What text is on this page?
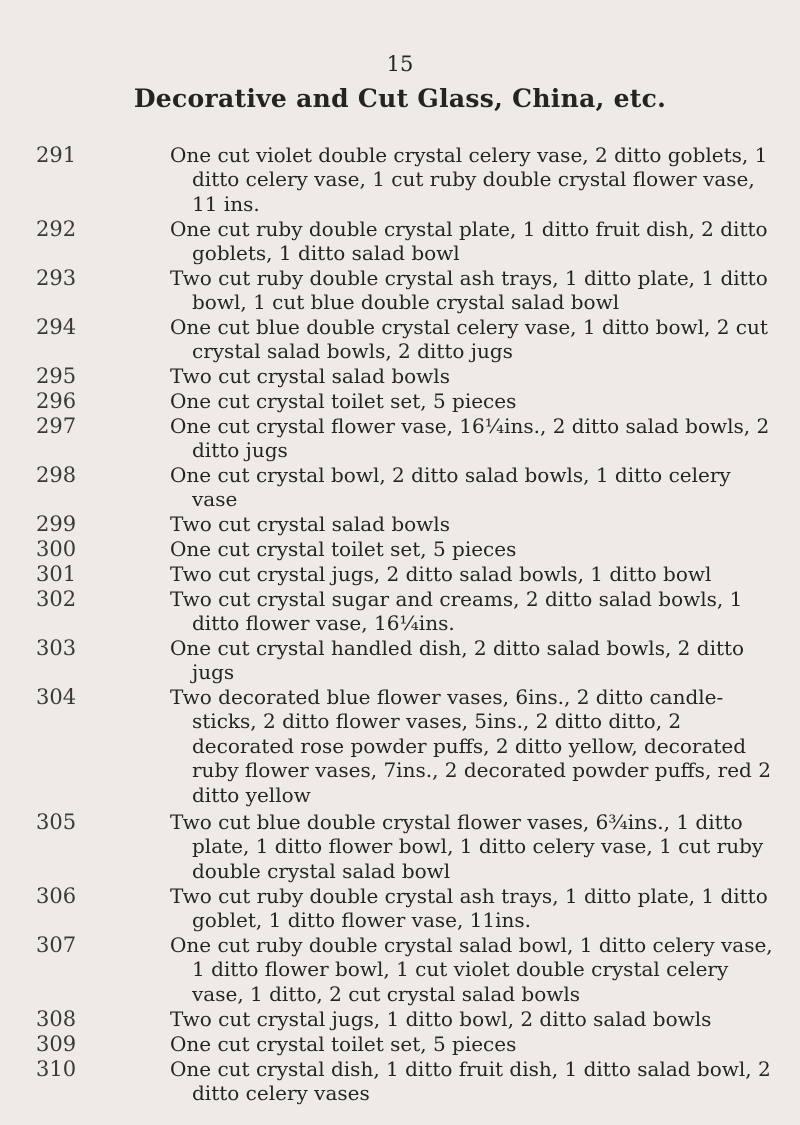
15
Decorative and Cut Glass, China, etc.
291	One cut violet double crystal celery vase, 2 ditto goblets, 1 ditto celery vase, 1 cut ruby double crystal flower vase, 11 ins.
292	One cut ruby double crystal plate, 1 ditto fruit dish, 2 ditto goblets, 1 ditto salad bowl
293	Two cut ruby double crystal ash trays, 1 ditto plate, 1 ditto bowl, 1 cut blue double crystal salad bowl
294	One cut blue double crystal celery vase, 1 ditto bowl, 2 cut crystal salad bowls, 2 ditto jugs
295	Two cut crystal salad bowls
296	One cut crystal toilet set, 5 pieces
297	One cut crystal flower vase, 16¼ins., 2 ditto salad bowls, 2 ditto jugs
298	One cut crystal bowl, 2 ditto salad bowls, 1 ditto celery vase
299	Two cut crystal salad bowls
300	One cut crystal toilet set, 5 pieces
301	Two cut crystal jugs, 2 ditto salad bowls, 1 ditto bowl
302	Two cut crystal sugar and creams, 2 ditto salad bowls, 1 ditto flower vase, 16¼ins.
303	One cut crystal handled dish, 2 ditto salad bowls, 2 ditto jugs
304	Two decorated blue flower vases, 6ins., 2 ditto candle-sticks, 2 ditto flower vases, 5ins., 2 ditto ditto, 2 decorated rose powder puffs, 2 ditto yellow, decorated ruby flower vases, 7ins., 2 decorated powder puffs, red 2 ditto yellow
305	Two cut blue double crystal flower vases, 6¾ins., 1 ditto plate, 1 ditto flower bowl, 1 ditto celery vase, 1 cut ruby double crystal salad bowl
306	Two cut ruby double crystal ash trays, 1 ditto plate, 1 ditto goblet, 1 ditto flower vase, 11ins.
307	One cut ruby double crystal salad bowl, 1 ditto celery vase, 1 ditto flower bowl, 1 cut violet double crystal celery vase, 1 ditto, 2 cut crystal salad bowls
308	Two cut crystal jugs, 1 ditto bowl, 2 ditto salad bowls
309	One cut crystal toilet set, 5 pieces
310	One cut crystal dish, 1 ditto fruit dish, 1 ditto salad bowl, 2 ditto celery vases
